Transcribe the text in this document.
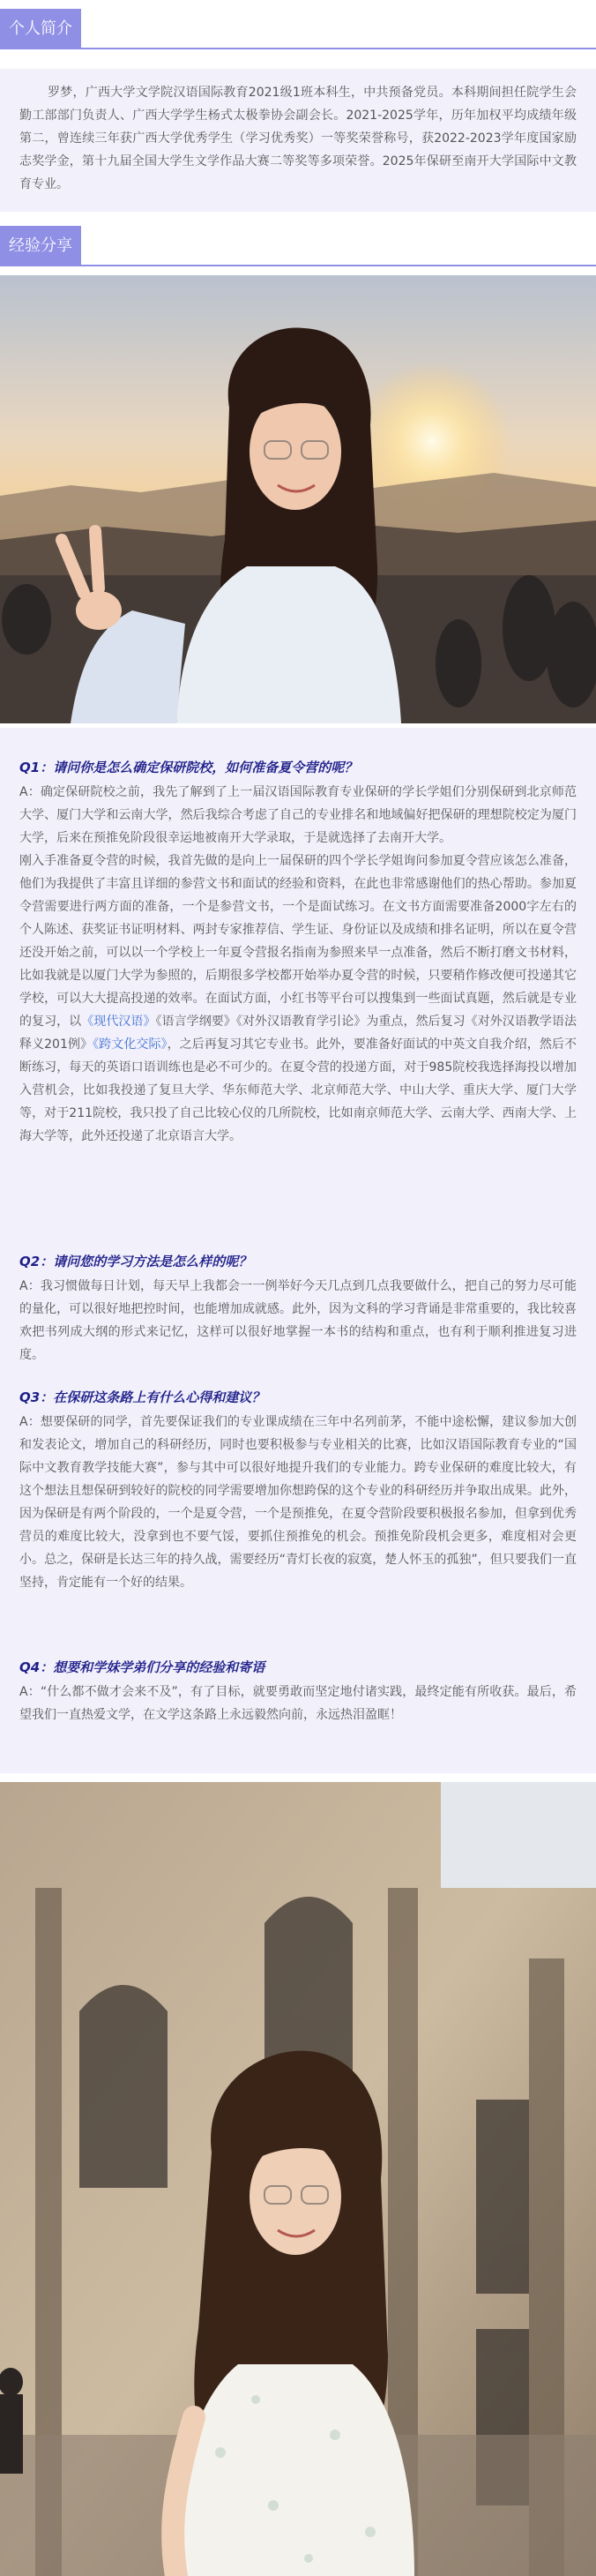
个人简介

罗梦，广西大学文学院汉语国际教育2021级1班本科生，中共预备党员。本科期间担任院学生会勤工部部门负责人、广西大学学生杨式太极拳协会副会长。2021-2025学年，历年加权平均成绩年级第二，曾连续三年获广西大学优秀学生（学习优秀奖）一等奖荣誉称号，获2022-2023学年度国家励志奖学金，第十九届全国大学生文学作品大赛二等奖等多项荣誉。2025年保研至南开大学国际中文教育专业。

经验分享

Q1：请问你是怎么确定保研院校，如何准备夏令营的呢？

A：确定保研院校之前，我先了解到了上一届汉语国际教育专业保研的学长学姐们分别保研到北京师范大学、厦门大学和云南大学，然后我综合考虑了自己的专业排名和地域偏好把保研的理想院校定为厦门大学，后来在预推免阶段很幸运地被南开大学录取，于是就选择了去南开大学。
刚入手准备夏令营的时候，我首先做的是向上一届保研的四个学长学姐询问参加夏令营应该怎么准备，他们为我提供了丰富且详细的参营文书和面试的经验和资料，在此也非常感谢他们的热心帮助。参加夏令营需要进行两方面的准备，一个是参营文书，一个是面试练习。在文书方面需要准备2000字左右的个人陈述、获奖证书证明材料、两封专家推荐信、学生证、身份证以及成绩和排名证明，所以在夏令营还没开始之前，可以以一个学校上一年夏令营报名指南为参照来早一点准备，然后不断打磨文书材料，比如我就是以厦门大学为参照的，后期很多学校都开始举办夏令营的时候，只要稍作修改便可投递其它学校，可以大大提高投递的效率。在面试方面，小红书等平台可以搜集到一些面试真题，然后就是专业的复习，以《现代汉语》《语言学纲要》《对外汉语教育学引论》为重点，然后复习《对外汉语教学语法释义201例》《跨文化交际》，之后再复习其它专业书。此外，要准备好面试的中英文自我介绍，然后不断练习，每天的英语口语训练也是必不可少的。在夏令营的投递方面，对于985院校我选择海投以增加入营机会，比如我投递了复旦大学、华东师范大学、北京师范大学、中山大学、重庆大学、厦门大学等，对于211院校，我只投了自己比较心仪的几所院校，比如南京师范大学、云南大学、西南大学、上海大学等，此外还投递了北京语言大学。

Q2：请问您的学习方法是怎么样的呢？

A：我习惯做每日计划，每天早上我都会一一例举好今天几点到几点我要做什么，把自己的努力尽可能的量化，可以很好地把控时间，也能增加成就感。此外，因为文科的学习背诵是非常重要的，我比较喜欢把书列成大纲的形式来记忆，这样可以很好地掌握一本书的结构和重点，也有利于顺利推进复习进度。

Q3：在保研这条路上有什么心得和建议？

A：想要保研的同学，首先要保证我们的专业课成绩在三年中名列前茅，不能中途松懈，建议参加大创和发表论文，增加自己的科研经历，同时也要积极参与专业相关的比赛，比如汉语国际教育专业的“国际中文教育教学技能大赛”，参与其中可以很好地提升我们的专业能力。跨专业保研的难度比较大，有这个想法且想保研到较好的院校的同学需要增加你想跨保的这个专业的科研经历并争取出成果。此外，因为保研是有两个阶段的，一个是夏令营，一个是预推免，在夏令营阶段要积极报名参加，但拿到优秀营员的难度比较大，没拿到也不要气馁，要抓住预推免的机会。预推免阶段机会更多，难度相对会更小。总之，保研是长达三年的持久战，需要经历“青灯长夜的寂寞，楚人怀玉的孤独”，但只要我们一直坚持，肯定能有一个好的结果。

Q4：想要和学妹学弟们分享的经验和寄语

A：“什么都不做才会来不及”，有了目标，就要勇敢而坚定地付诸实践，最终定能有所收获。最后，希望我们一直热爱文学，在文学这条路上永远毅然向前，永远热泪盈眶！
